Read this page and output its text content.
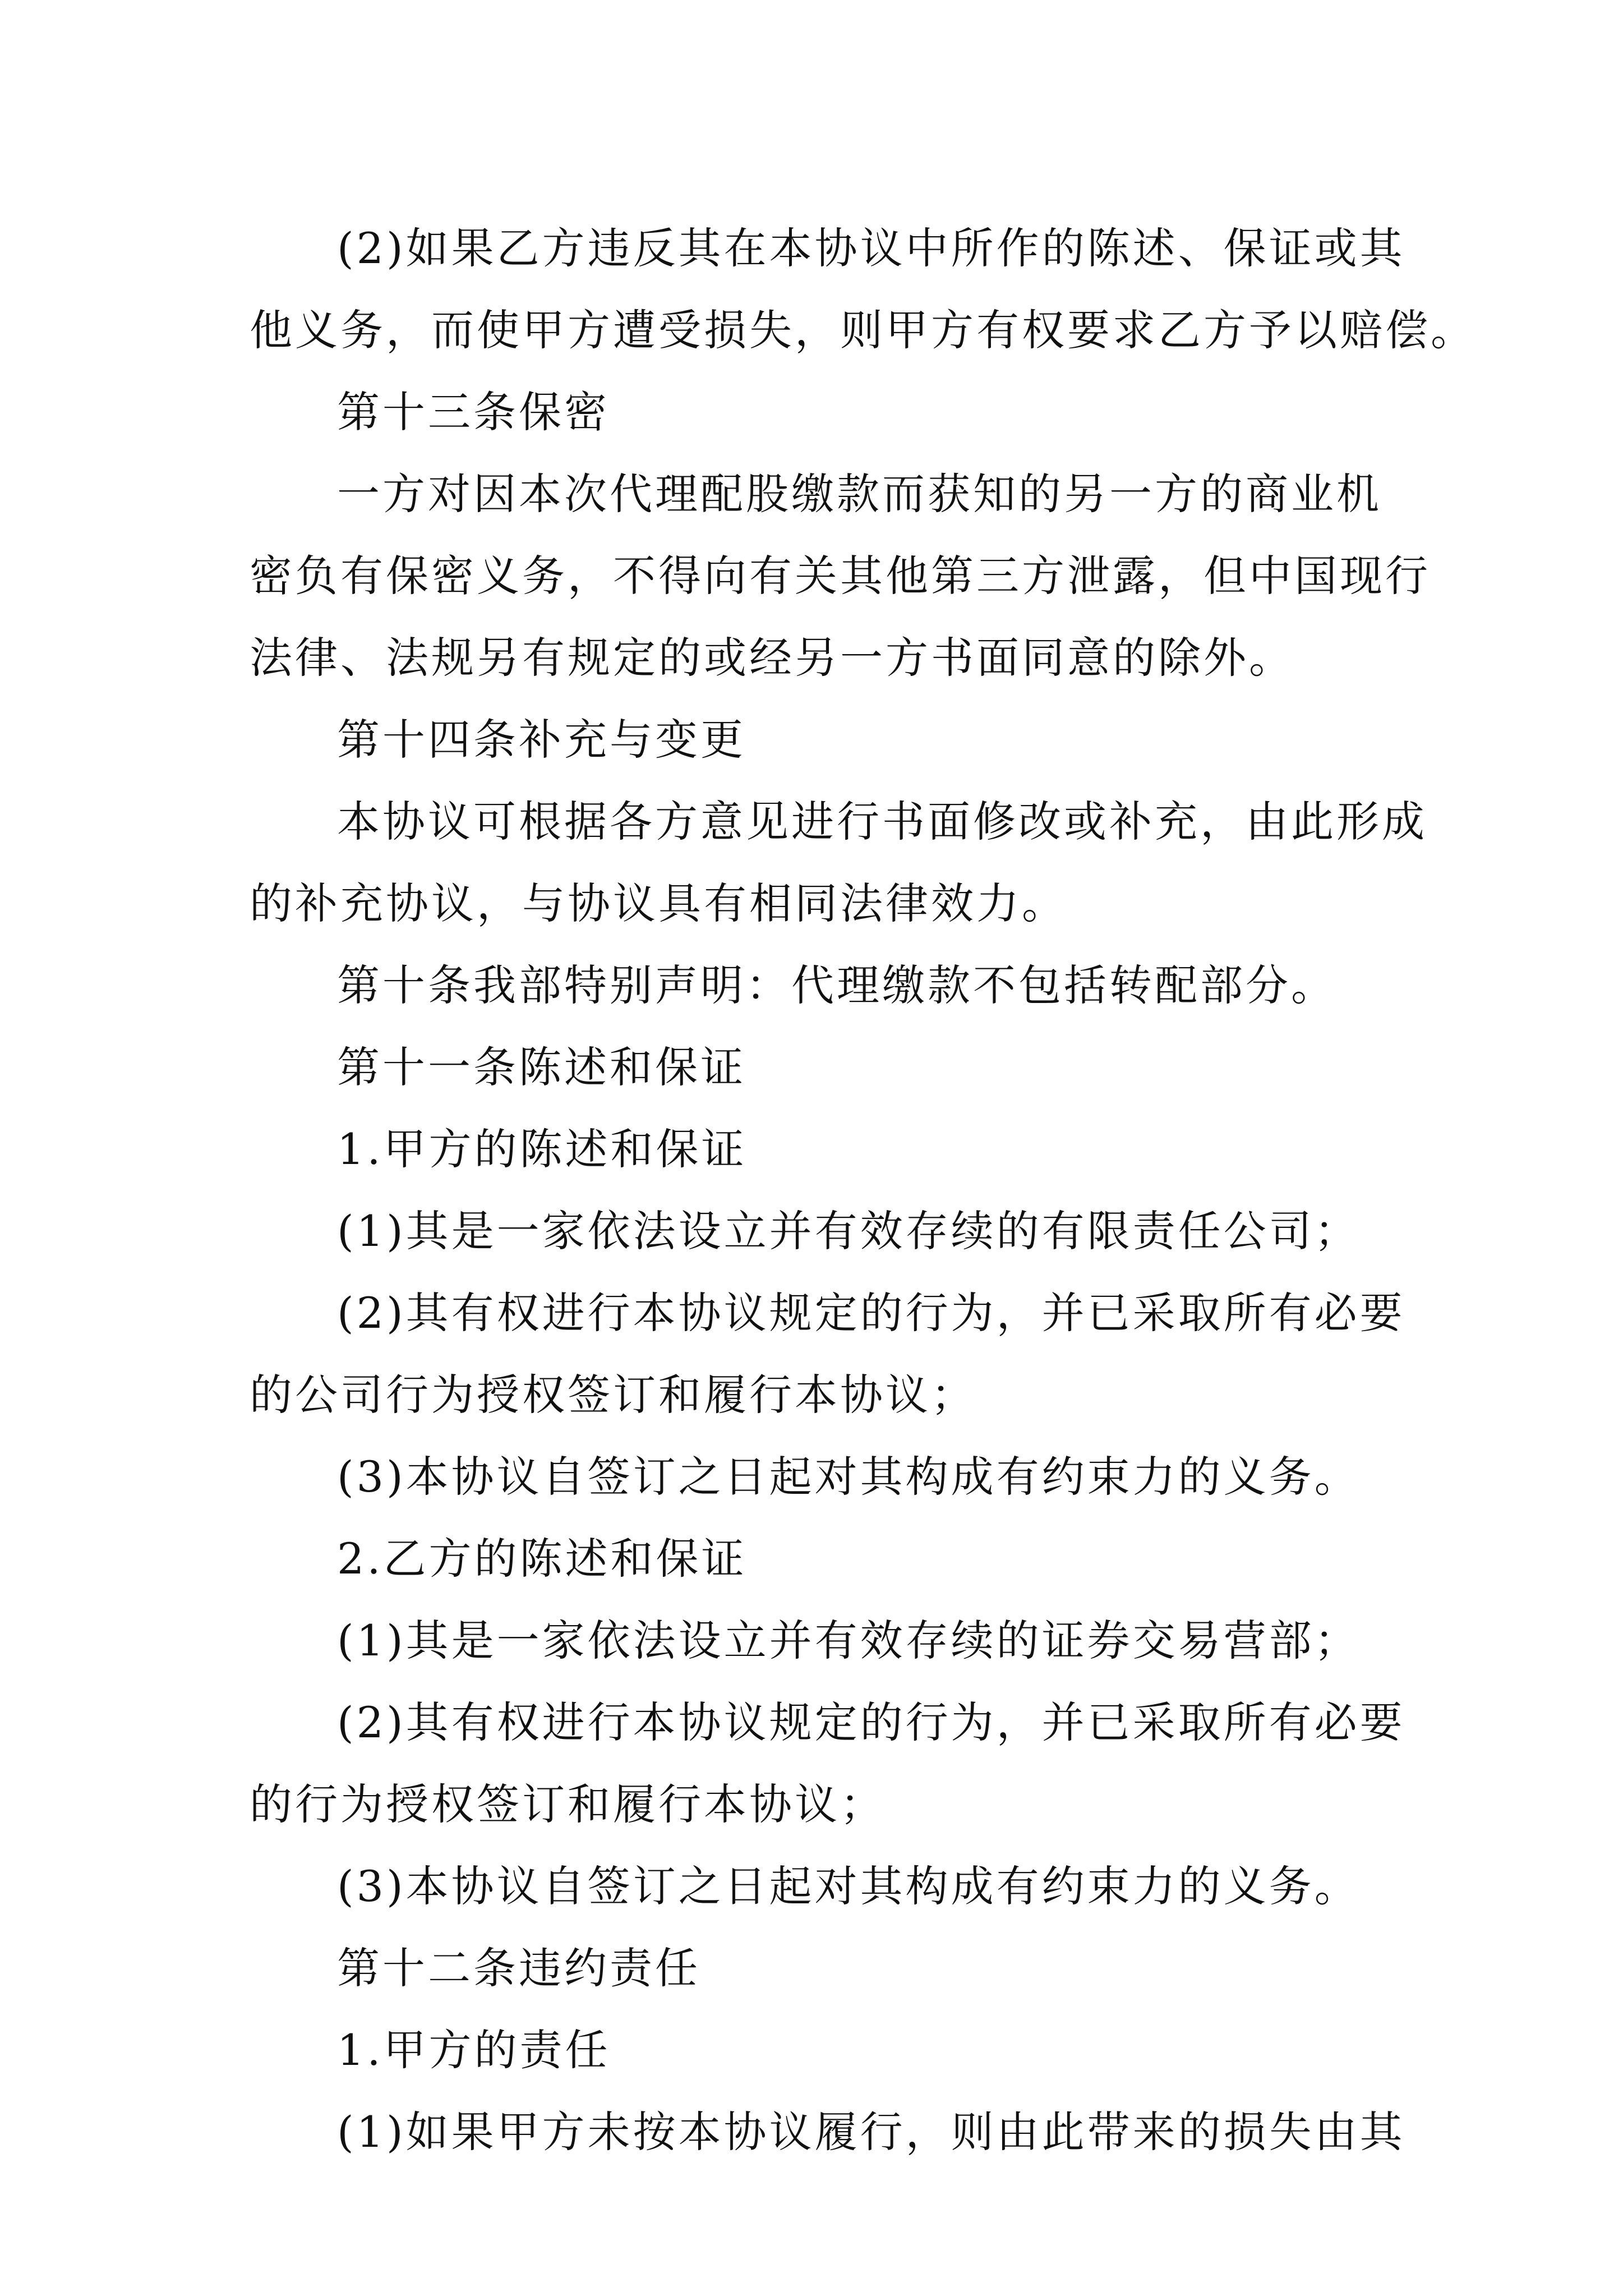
(2)如果乙方违反其在本协议中所作的陈述、保证或其
他义务，而使甲方遭受损失，则甲方有权要求乙方予以赔偿。
第十三条保密
一方对因本次代理配股缴款而获知的另一方的商业机
密负有保密义务，不得向有关其他第三方泄露，但中国现行
法律、法规另有规定的或经另一方书面同意的除外。
第十四条补充与变更
本协议可根据各方意见进行书面修改或补充，由此形成
的补充协议，与协议具有相同法律效力。
第十条我部特别声明：代理缴款不包括转配部分。
第十一条陈述和保证
1.甲方的陈述和保证
(1)其是一家依法设立并有效存续的有限责任公司；
(2)其有权进行本协议规定的行为，并已采取所有必要
的公司行为授权签订和履行本协议；
(3)本协议自签订之日起对其构成有约束力的义务。
2.乙方的陈述和保证
(1)其是一家依法设立并有效存续的证券交易营部；
(2)其有权进行本协议规定的行为，并已采取所有必要
的行为授权签订和履行本协议；
(3)本协议自签订之日起对其构成有约束力的义务。
第十二条违约责任
1.甲方的责任
(1)如果甲方未按本协议履行，则由此带来的损失由其
